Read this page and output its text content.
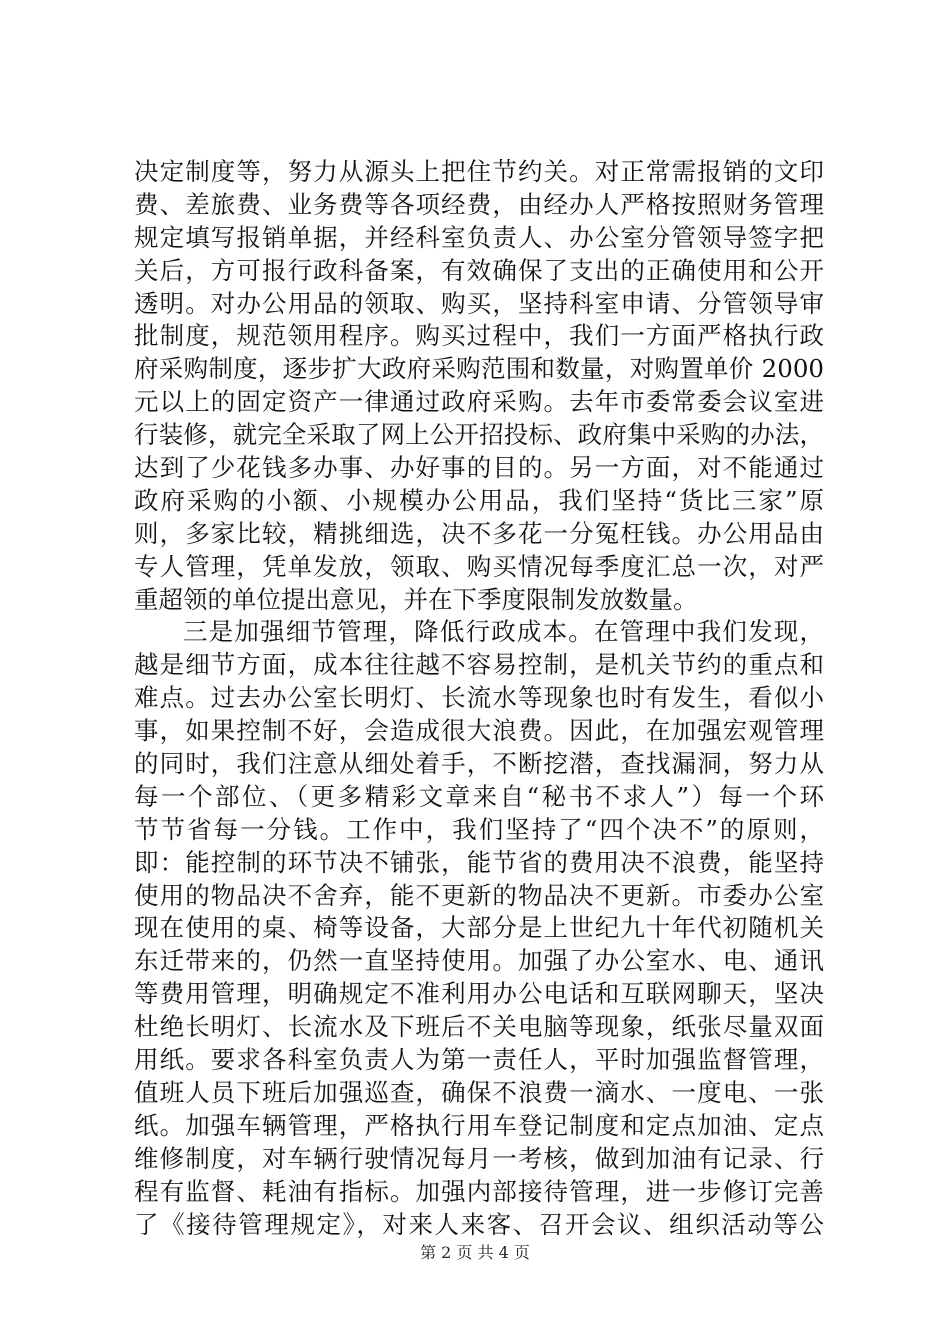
决定制度等，努力从源头上把住节约关。对正常需报销的文印
费、差旅费、业务费等各项经费，由经办人严格按照财务管理
规定填写报销单据，并经科室负责人、办公室分管领导签字把
关后，方可报行政科备案，有效确保了支出的正确使用和公开
透明。对办公用品的领取、购买，坚持科室申请、分管领导审
批制度，规范领用程序。购买过程中，我们一方面严格执行政
府采购制度，逐步扩大政府采购范围和数量，对购置单价 2000
元以上的固定资产一律通过政府采购。去年市委常委会议室进
行装修，就完全采取了网上公开招投标、政府集中采购的办法，
达到了少花钱多办事、办好事的目的。另一方面，对不能通过
政府采购的小额、小规模办公用品，我们坚持“货比三家”原
则，多家比较，精挑细选，决不多花一分冤枉钱。办公用品由
专人管理，凭单发放，领取、购买情况每季度汇总一次，对严
重超领的单位提出意见，并在下季度限制发放数量。
三是加强细节管理，降低行政成本。在管理中我们发现，
越是细节方面，成本往往越不容易控制，是机关节约的重点和
难点。过去办公室长明灯、长流水等现象也时有发生，看似小
事，如果控制不好，会造成很大浪费。因此，在加强宏观管理
的同时，我们注意从细处着手，不断挖潜，查找漏洞，努力从
每一个部位、（更多精彩文章来自“秘书不求人”）每一个环
节节省每一分钱。工作中，我们坚持了“四个决不”的原则，
即：能控制的环节决不铺张，能节省的费用决不浪费，能坚持
使用的物品决不舍弃，能不更新的物品决不更新。市委办公室
现在使用的桌、椅等设备，大部分是上世纪九十年代初随机关
东迁带来的，仍然一直坚持使用。加强了办公室水、电、通讯
等费用管理，明确规定不准利用办公电话和互联网聊天，坚决
杜绝长明灯、长流水及下班后不关电脑等现象，纸张尽量双面
用纸。要求各科室负责人为第一责任人，平时加强监督管理，
值班人员下班后加强巡查，确保不浪费一滴水、一度电、一张
纸。加强车辆管理，严格执行用车登记制度和定点加油、定点
维修制度，对车辆行驶情况每月一考核，做到加油有记录、行
程有监督、耗油有指标。加强内部接待管理，进一步修订完善
了《接待管理规定》，对来人来客、召开会议、组织活动等公
第 2 页 共 4 页
